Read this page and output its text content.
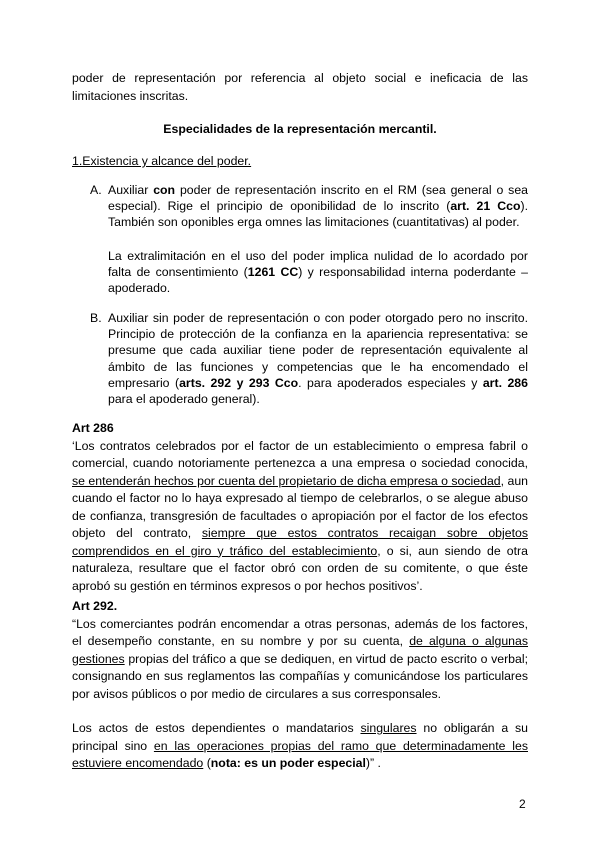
poder de representación por referencia al objeto social e ineficacia de las limitaciones inscritas.
Especialidades de la representación mercantil.
1.Existencia y alcance del poder.
A. Auxiliar con poder de representación inscrito en el RM (sea general o sea especial). Rige el principio de oponibilidad de lo inscrito (art. 21 Cco). También son oponibles erga omnes las limitaciones (cuantitativas) al poder.
La extralimitación en el uso del poder implica nulidad de lo acordado por falta de consentimiento (1261 CC) y responsabilidad interna poderdante – apoderado.
B. Auxiliar sin poder de representación o con poder otorgado pero no inscrito. Principio de protección de la confianza en la apariencia representativa: se presume que cada auxiliar tiene poder de representación equivalente al ámbito de las funciones y competencias que le ha encomendado el empresario (arts. 292 y 293 Cco. para apoderados especiales y art. 286 para el apoderado general).
Art 286
‘Los contratos celebrados por el factor de un establecimiento o empresa fabril o comercial, cuando notoriamente pertenezca a una empresa o sociedad conocida, se entenderán hechos por cuenta del propietario de dicha empresa o sociedad, aun cuando el factor no lo haya expresado al tiempo de celebrarlos, o se alegue abuso de confianza, transgresión de facultades o apropiación por el factor de los efectos objeto del contrato, siempre que estos contratos recaigan sobre objetos comprendidos en el giro y tráfico del establecimiento, o si, aun siendo de otra naturaleza, resultare que el factor obró con orden de su comitente, o que éste aprobó su gestión en términos expresos o por hechos positivos’.
Art 292.
“Los comerciantes podrán encomendar a otras personas, además de los factores, el desempeño constante, en su nombre y por su cuenta, de alguna o algunas gestiones propias del tráfico a que se dediquen, en virtud de pacto escrito o verbal; consignando en sus reglamentos las compañías y comunicándose los particulares por avisos públicos o por medio de circulares a sus corresponsales.
Los actos de estos dependientes o mandatarios singulares no obligarán a su principal sino en las operaciones propias del ramo que determinadamente les estuviere encomendado (nota: es un poder especial)” .
2
